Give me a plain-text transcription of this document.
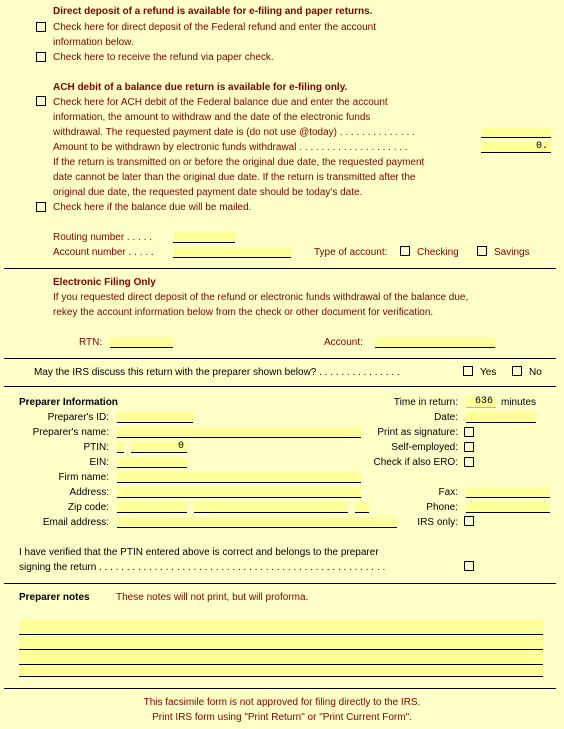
Direct deposit of a refund is available for e-filing and paper returns.
Check here for direct deposit of the Federal refund and enter the account
information below.
Check here to receive the refund via paper check.
ACH debit of a balance due return is available for e-filing only.
Check here for ACH debit of the Federal balance due and enter the account
information, the amount to withdraw and the date of the electronic funds
withdrawal. The requested payment date is (do not use @today) . . . . . . . . . . . . . .
Amount to be withdrawn by electronic funds withdrawal . . . . . . . . . . . . . . . . . . . .	0.
If the return is transmitted on or before the original due date, the requested payment
date cannot be later than the original due date. If the return is transmitted after the
original due date, the requested payment date should be today's date.
Check here if the balance due will be mailed.
Routing number . . . . .
Account number . . . . .	Type of account:	Checking	Savings
Electronic Filing Only
If you requested direct deposit of the refund or electronic funds withdrawal of the balance due,
rekey the account information below from the check or other document for verification.
RTN:	Account:
May the IRS discuss this return with the preparer shown below? . . . . . . . . . . . . . . .	Yes	No
Preparer Information
Preparer's ID:
Preparer's name:
PTIN:	0
EIN:
Firm name:
Address:
Zip code:
Email address:
Time in return:	636 minutes
Date:
Print as signature:
Self-employed:
Check if also ERO:
Fax:
Phone:
IRS only:
I have verified that the PTIN entered above is correct and belongs to the preparer
signing the return . . . . . . . . . . . . . . . . . . . . . . . . . . . . . . . . . . . . . . . . . . . . . . . . . . . .
Preparer notes	These notes will not print, but will proforma.
This facsimile form is not approved for filing directly to the IRS.
Print IRS form using "Print Return" or "Print Current Form".
